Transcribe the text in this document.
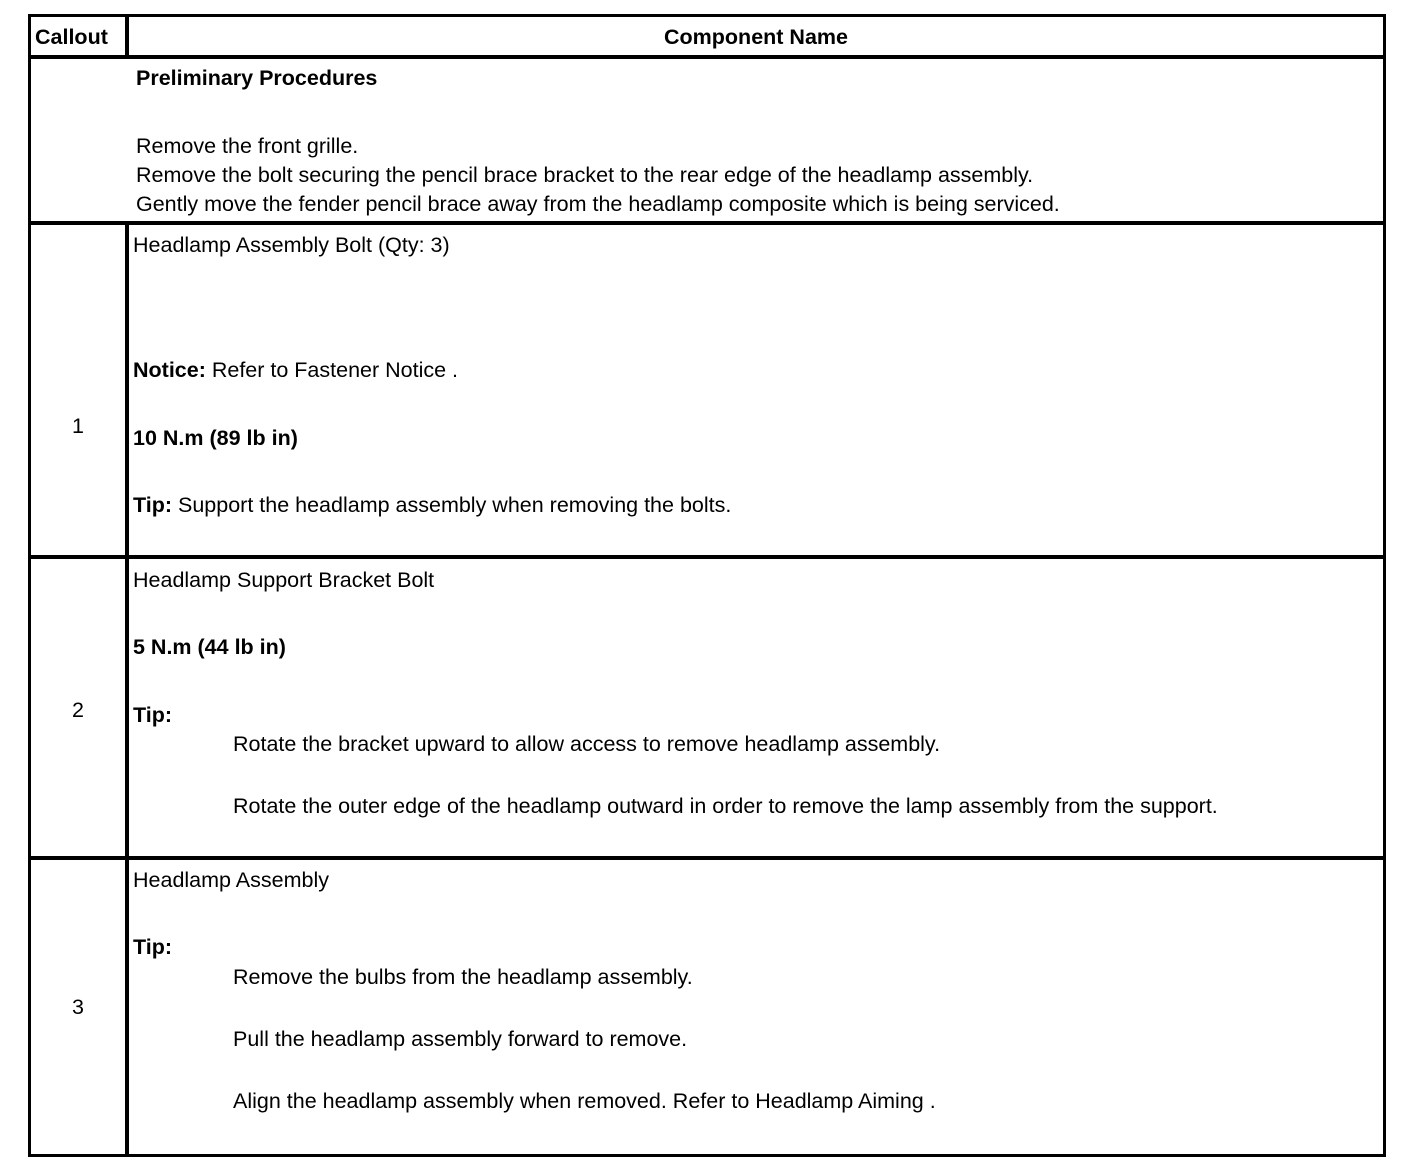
Callout	Component Name
Preliminary Procedures
Remove the front grille.
Remove the bolt securing the pencil brace bracket to the rear edge of the headlamp assembly.
Gently move the fender pencil brace away from the headlamp composite which is being serviced.
1
Headlamp Assembly Bolt (Qty: 3)
Notice: Refer to Fastener Notice .
10 N.m (89 lb in)
Tip: Support the headlamp assembly when removing the bolts.
2
Headlamp Support Bracket Bolt
5 N.m (44 lb in)
Tip:
Rotate the bracket upward to allow access to remove headlamp assembly.
Rotate the outer edge of the headlamp outward in order to remove the lamp assembly from the support.
3
Headlamp Assembly
Tip:
Remove the bulbs from the headlamp assembly.
Pull the headlamp assembly forward to remove.
Align the headlamp assembly when removed. Refer to Headlamp Aiming .
